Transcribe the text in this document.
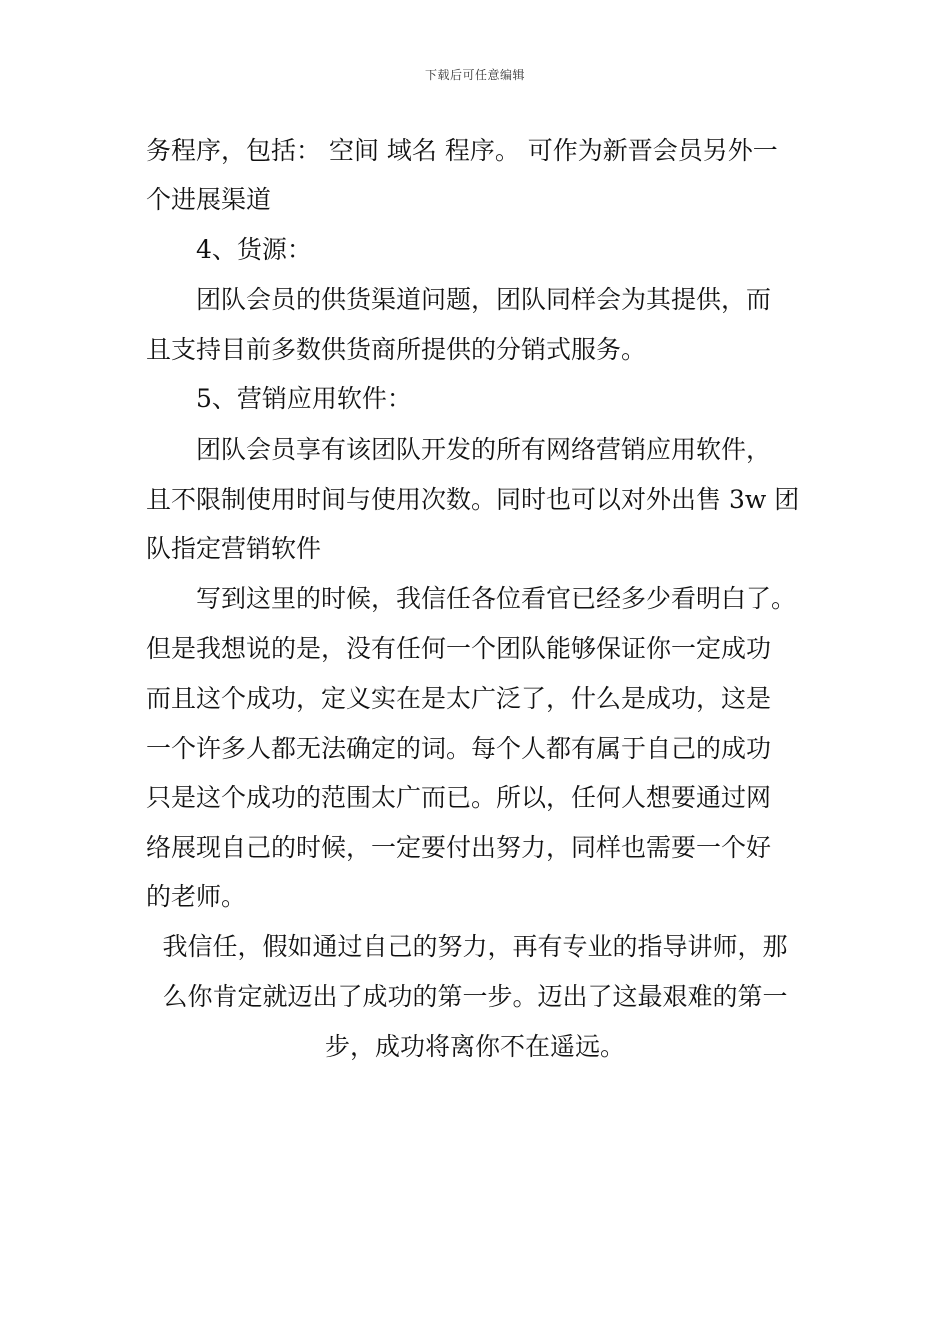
下载后可任意编辑
务程序，包括： 空间 域名 程序。 可作为新晋会员另外一
个进展渠道
4、货源：
团队会员的供货渠道问题，团队同样会为其提供，而
且支持目前多数供货商所提供的分销式服务。
5、营销应用软件：
团队会员享有该团队开发的所有网络营销应用软件，
且不限制使用时间与使用次数。同时也可以对外出售 3w 团
队指定营销软件
写到这里的时候，我信任各位看官已经多少看明白了。
但是我想说的是，没有任何一个团队能够保证你一定成功
而且这个成功，定义实在是太广泛了，什么是成功，这是
一个许多人都无法确定的词。每个人都有属于自己的成功
只是这个成功的范围太广而已。所以，任何人想要通过网
络展现自己的时候，一定要付出努力，同样也需要一个好
的老师。
我信任，假如通过自己的努力，再有专业的指导讲师，那
么你肯定就迈出了成功的第一步。迈出了这最艰难的第一
步，成功将离你不在遥远。
